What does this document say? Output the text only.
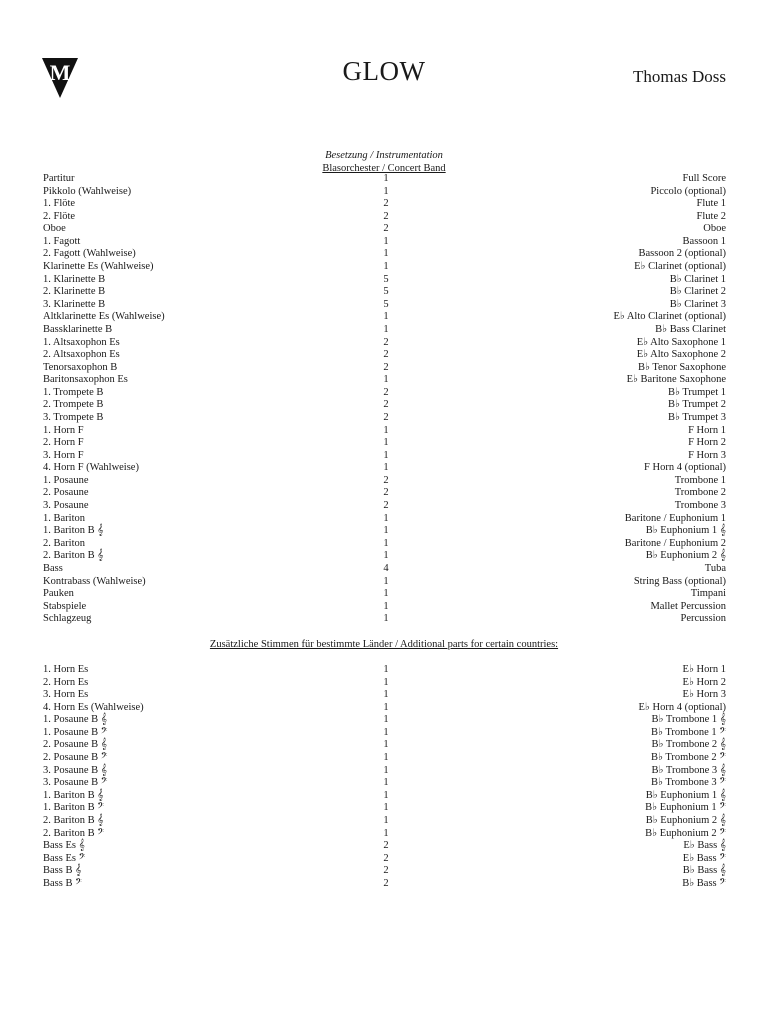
M	GLOW	Thomas Doss
Besetzung / Instrumentation
Blasorchester / Concert Band
Partitur	1	Full Score
Pikkolo (Wahlweise)	1	Piccolo (optional)
1. Flöte	2	Flute 1
2. Flöte	2	Flute 2
Oboe	2	Oboe
1. Fagott	1	Bassoon 1
2. Fagott (Wahlweise)	1	Bassoon 2 (optional)
Klarinette Es (Wahlweise)	1	E♭ Clarinet (optional)
1. Klarinette B	5	B♭ Clarinet 1
2. Klarinette B	5	B♭ Clarinet 2
3. Klarinette B	5	B♭ Clarinet 3
Altklarinette Es (Wahlweise)	1	E♭ Alto Clarinet (optional)
Bassklarinette B	1	B♭ Bass Clarinet
1. Altsaxophon Es	2	E♭ Alto Saxophone 1
2. Altsaxophon Es	2	E♭ Alto Saxophone 2
Tenorsaxophon B	2	B♭ Tenor Saxophone
Baritonsaxophon Es	1	E♭ Baritone Saxophone
1. Trompete B	2	B♭ Trumpet 1
2. Trompete B	2	B♭ Trumpet 2
3. Trompete B	2	B♭ Trumpet 3
1. Horn F	1	F Horn 1
2. Horn F	1	F Horn 2
3. Horn F	1	F Horn 3
4. Horn F (Wahlweise)	1	F Horn 4 (optional)
1. Posaune	2	Trombone 1
2. Posaune	2	Trombone 2
3. Posaune	2	Trombone 3
1. Bariton	1	Baritone / Euphonium 1
1. Bariton B 𝄞	1	B♭ Euphonium 1 𝄞
2. Bariton	1	Baritone / Euphonium 2
2. Bariton B 𝄞	1	B♭ Euphonium 2 𝄞
Bass	4	Tuba
Kontrabass (Wahlweise)	1	String Bass (optional)
Pauken	1	Timpani
Stabspiele	1	Mallet Percussion
Schlagzeug	1	Percussion
Zusätzliche Stimmen für bestimmte Länder / Additional parts for certain countries:
1. Horn Es	1	E♭ Horn 1
2. Horn Es	1	E♭ Horn 2
3. Horn Es	1	E♭ Horn 3
4. Horn Es (Wahlweise)	1	E♭ Horn 4 (optional)
1. Posaune B 𝄞	1	B♭ Trombone 1 𝄞
1. Posaune B 𝄢	1	B♭ Trombone 1 𝄢
2. Posaune B 𝄞	1	B♭ Trombone 2 𝄞
2. Posaune B 𝄢	1	B♭ Trombone 2 𝄢
3. Posaune B 𝄞	1	B♭ Trombone 3 𝄞
3. Posaune B 𝄢	1	B♭ Trombone 3 𝄢
1. Bariton B 𝄞	1	B♭ Euphonium 1 𝄞
1. Bariton B 𝄢	1	B♭ Euphonium 1 𝄢
2. Bariton B 𝄞	1	B♭ Euphonium 2 𝄞
2. Bariton B 𝄢	1	B♭ Euphonium 2 𝄢
Bass Es 𝄞	2	E♭ Bass 𝄞
Bass Es 𝄢	2	E♭ Bass 𝄢
Bass B 𝄞	2	B♭ Bass 𝄞
Bass B 𝄢	2	B♭ Bass 𝄢
